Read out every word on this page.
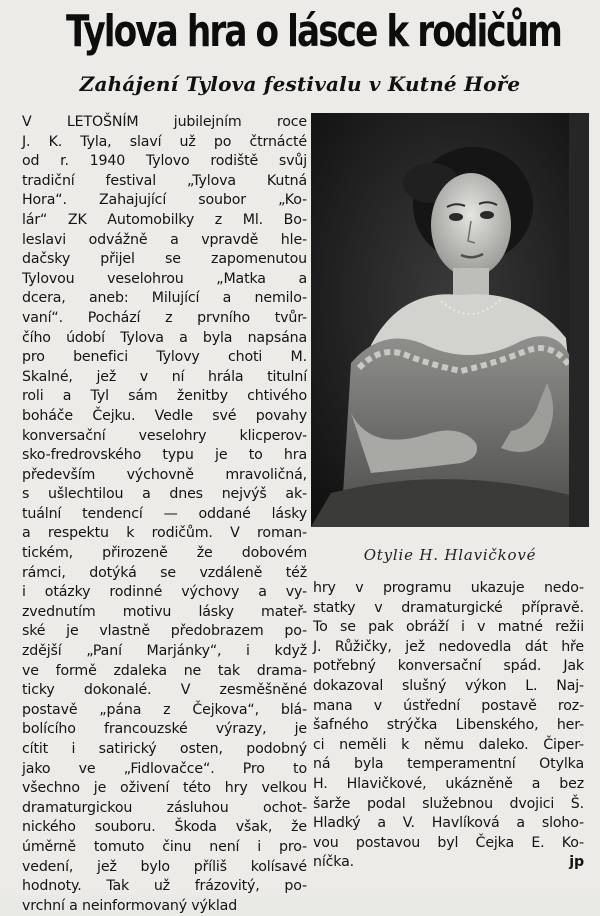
Tylova hra o lásce k rodičům
Zahájení Tylova festivalu v Kutné Hoře
V LETOŠNÍM jubilejním roce
J. K. Tyla, slaví už po čtrnácté
od r. 1940 Tylovo rodiště svůj
tradiční festival „Tylova Kutná
Hora“. Zahajující soubor „Ko-
lár“ ZK Automobilky z Ml. Bo-
leslavi odvážně a vpravdě hle-
dačsky přijel se zapomenutou
Tylovou veselohrou „Matka a
dcera, aneb: Milující a nemilo-
vaní“. Pochází z prvního tvůr-
čího údobí Tylova a byla napsána
pro benefici Tylovy choti M.
Skalné, jež v ní hrála titulní
roli a Tyl sám ženitby chtivého
boháče Čejku. Vedle své povahy
konversační veselohry klicperov-
sko-fredrovského typu je to hra
především výchovně mravoličná,
s ušlechtilou a dnes nejvýš ak-
tuální tendencí — oddané lásky
a respektu k rodičům. V roman-
tickém, přirozeně že dobovém
rámci, dotýká se vzdáleně též
i otázky rodinné výchovy a vy-
zvednutím motivu lásky mateř-
ské je vlastně předobrazem po-
zdější „Paní Marjánky“, i když
ve formě zdaleka ne tak drama-
ticky dokonalé. V zesměšněné
postavě „pána z Čejkova“, blá-
bolícího francouzské výrazy, je
cítit i satirický osten, podobný
jako ve „Fidlovačce“. Pro to
všechno je oživení této hry velkou
dramaturgickou zásluhou ochot-
nického souboru. Škoda však, že
úměrně tomuto činu není i pro-
vedení, jež bylo příliš kolísavé
hodnoty. Tak už frázovitý, po-
vrchní a neinformovaný výklad
Otylie H. Hlavičkové
hry v programu ukazuje nedo-
statky v dramaturgické přípravě.
To se pak obráží i v matné režii
J. Růžičky, jež nedovedla dát hře
potřebný konversační spád. Jak
dokazoval slušný výkon L. Naj-
mana v ústřední postavě roz-
šafného strýčka Libenského, her-
ci neměli k němu daleko. Čiper-
ná byla temperamentní Otylka
H. Hlavičkové, ukázněně a bez
šarže podal služebnou dvojici Š.
Hladký a V. Havlíková a sloho-
vou postavou byl Čejka E. Ko-
níčka.	jp
